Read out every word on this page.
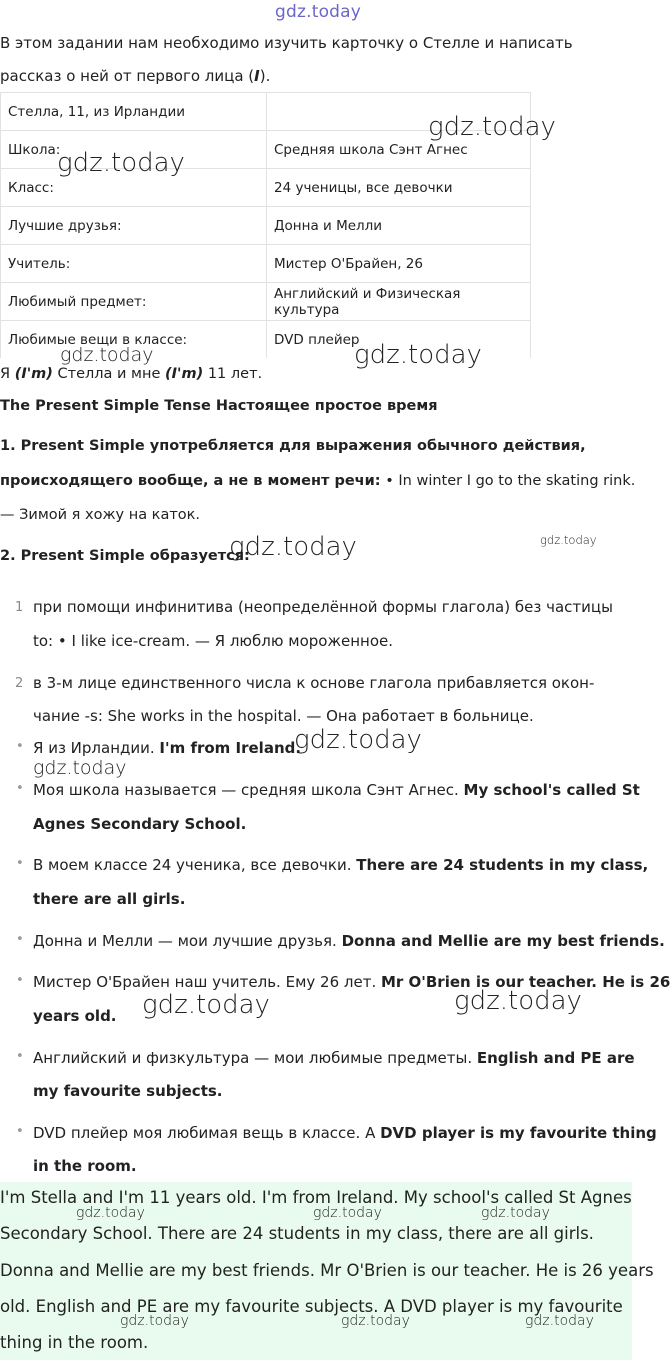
gdz.today

В этом задании нам необходимо изучить карточку о Стелле и написать

рассказ о ней от первого лица (I).

Стелла, 11, из Ирландии	
Школа:	Средняя школа Сэнт Агнес
Класс:	24 ученицы, все девочки
Лучшие друзья:	Донна и Мелли
Учитель:	Мистер О'Брайен, 26
Любимый предмет:	Английский и Физическая культура
Любимые вещи в классе:	DVD плейер

Я (I'm) Стелла и мне (I'm) 11 лет.

The Present Simple Tense Настоящее простое время

1. Present Simple употребляется для выражения обычного действия,

происходящего вообще, а не в момент речи: • In winter I go to the skating rink.

— Зимой я хожу на каток.

2. Present Simple образуется:

1 при помощи инфинитива (неопределённой формы глагола) без частицы
to: • I like ice-cream. — Я люблю мороженное.
2 в 3-м лице единственного числа к основе глагола прибавляется окон-
чание -s: She works in the hospital. — Она работает в больнице.
• Я из Ирландии. I'm from Ireland.
• Моя школа называется — средняя школа Сэнт Агнес. My school's called St
Agnes Secondary School.
• В моем классе 24 ученика, все девочки. There are 24 students in my class,
there are all girls.
• Донна и Мелли — мои лучшие друзья. Donna and Mellie are my best friends.
• Мистер О'Брайен наш учитель. Ему 26 лет. Mr O'Brien is our teacher. He is 26
years old.
• Английский и физкультура — мои любимые предметы. English and PE are
my favourite subjects.
• DVD плейер моя любимая вещь в классе. A DVD player is my favourite thing
in the room.
I'm Stella and I'm 11 years old. I'm from Ireland. My school's called St Agnes
Secondary School. There are 24 students in my class, there are all girls.
Donna and Mellie are my best friends. Mr O'Brien is our teacher. He is 26 years
old. English and PE are my favourite subjects. A DVD player is my favourite
thing in the room.
gdz.today
gdz.today
gdz.today	gdz.today
gdz.today
gdz.today
gdz.today
gdz.today
gdz.today	gdz.today
gdz.today	gdz.today	gdz.today
gdz.today	gdz.today	gdz.today
